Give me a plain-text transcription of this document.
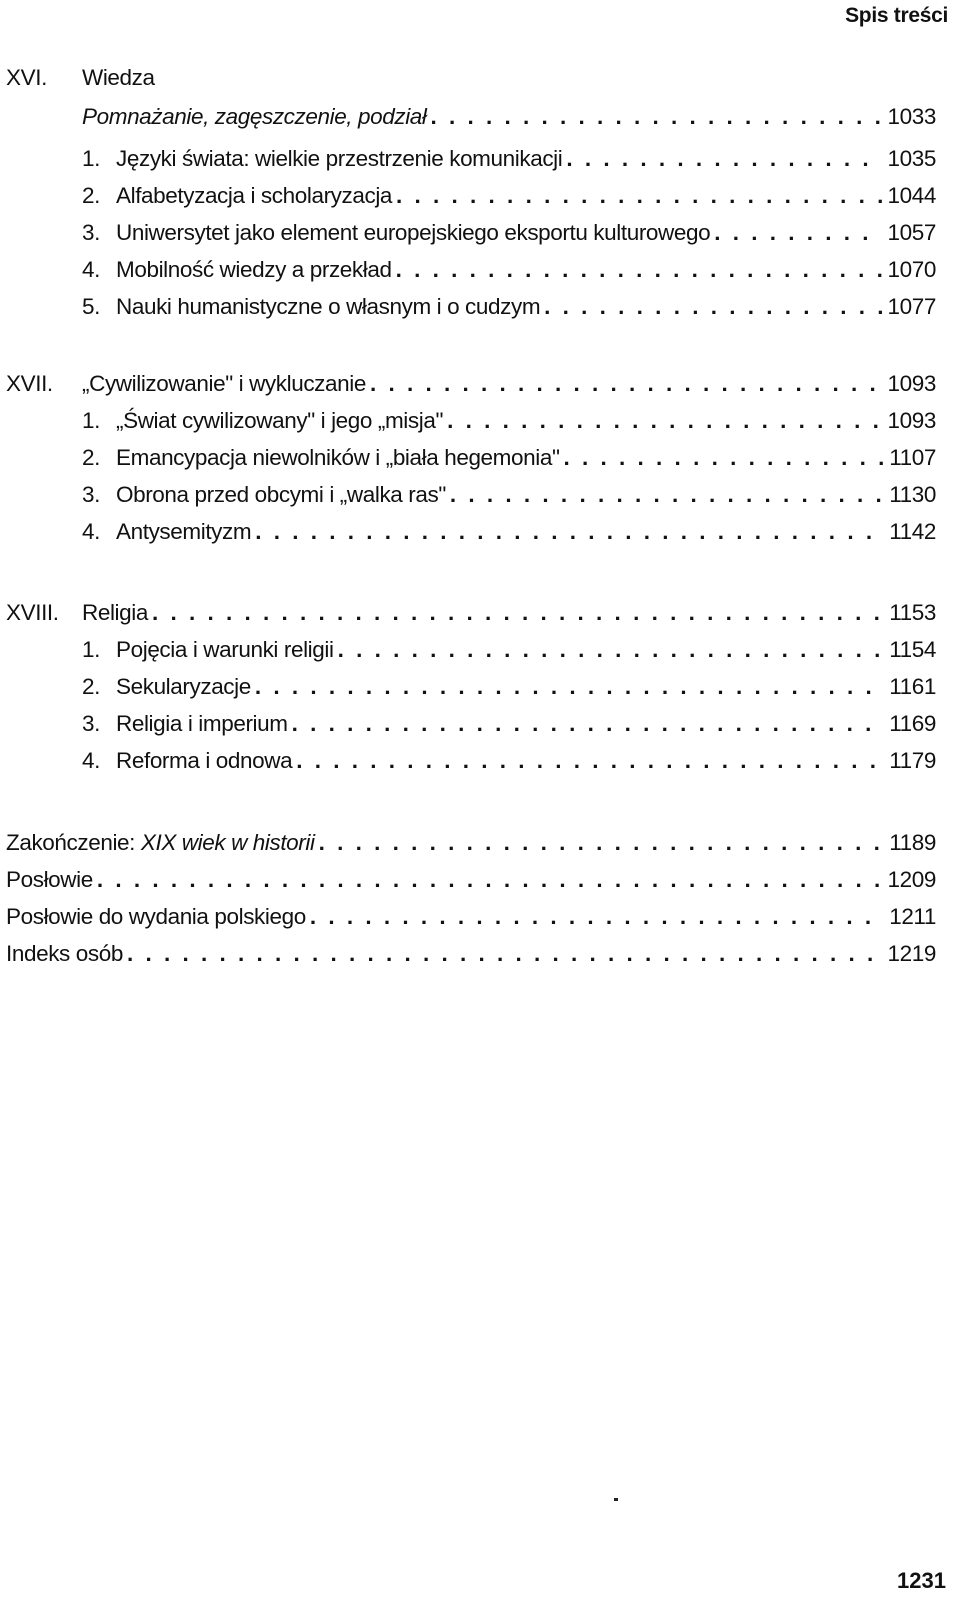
Spis treści
XVI. Wiedza
Pomnażanie, zagęszczenie, podział . . .	1033
1. Języki świata: wielkie przestrzenie komunikacji . . .	1035
2. Alfabetyzacja i scholaryzacja . . .	1044
3. Uniwersytet jako element europejskiego eksportu kulturowego . . .	1057
4. Mobilność wiedzy a przekład . . .	1070
5. Nauki humanistyczne o własnym i o cudzym . . .	1077
XVII. „Cywilizowanie" i wykluczanie . . .	1093
1. „Świat cywilizowany" i jego „misja" . . .	1093
2. Emancypacja niewolników i „biała hegemonia" . . .	1107
3. Obrona przed obcymi i „walka ras" . . .	1130
4. Antysemityzm . . .	1142
XVIII. Religia . . .	1153
1. Pojęcia i warunki religii . . .	1154
2. Sekularyzacje . . .	1161
3. Religia i imperium . . .	1169
4. Reforma i odnowa . . .	1179
Zakończenie: XIX wiek w historii . . .	1189
Posłowie . . .	1209
Posłowie do wydania polskiego . . .	1211
Indeks osób . . .	1219
1231
